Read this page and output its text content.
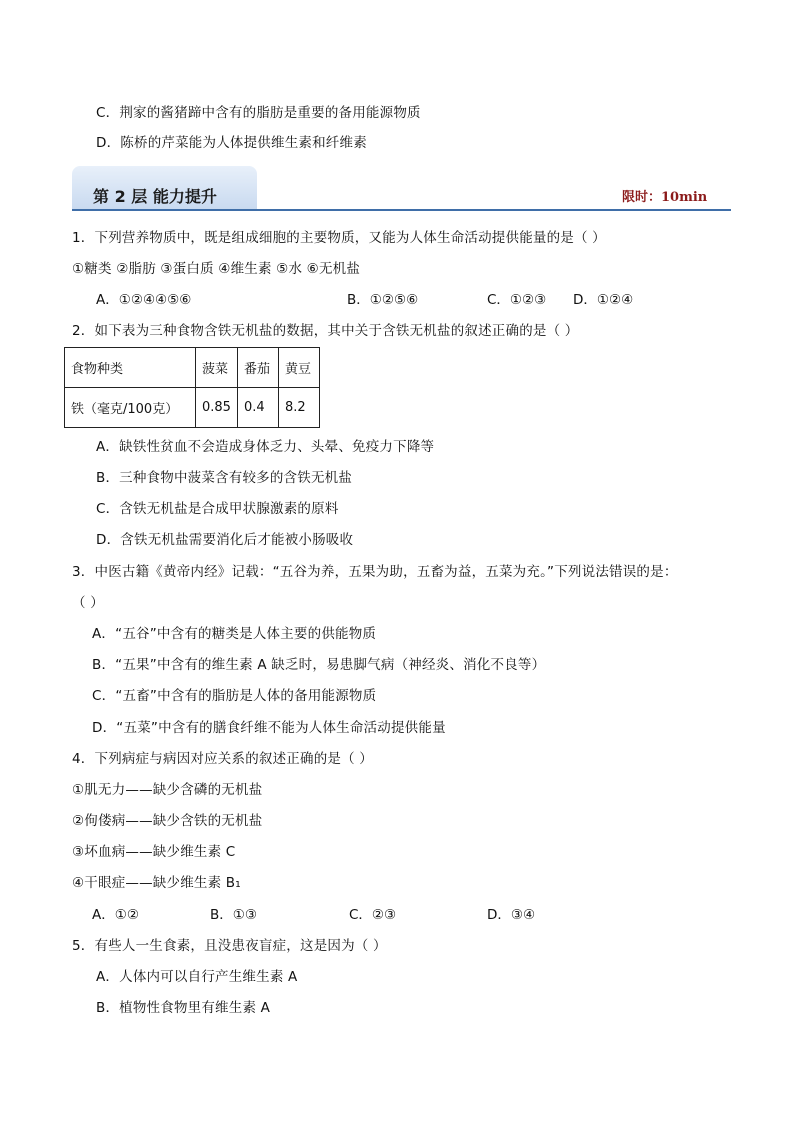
C．荆家的酱猪蹄中含有的脂肪是重要的备用能源物质
D．陈桥的芹菜能为人体提供维生素和纤维素
第 2 层 能力提升	限时：10min
1．下列营养物质中，既是组成细胞的主要物质，又能为人体生命活动提供能量的是（ ）
①糖类 ②脂肪 ③蛋白质 ④维生素 ⑤水 ⑥无机盐
A．①②④④⑤⑥	B．①②⑤⑥	C．①②③ D．①②④
2．如下表为三种食物含铁无机盐的数据，其中关于含铁无机盐的叙述正确的是（ ）
食物种类	菠菜	番茄	黄豆
铁（毫克/100克）	0.85	0.4	8.2
A．缺铁性贫血不会造成身体乏力、头晕、免疫力下降等
B．三种食物中菠菜含有较多的含铁无机盐
C．含铁无机盐是合成甲状腺激素的原料
D．含铁无机盐需要消化后才能被小肠吸收
3．中医古籍《黄帝内经》记载：“五谷为养，五果为助，五畜为益，五菜为充。”下列说法错误的是：
（ ）
A．“五谷”中含有的糖类是人体主要的供能物质
B．“五果”中含有的维生素 A 缺乏时，易患脚气病（神经炎、消化不良等）
C．“五畜”中含有的脂肪是人体的备用能源物质
D．“五菜”中含有的膳食纤维不能为人体生命活动提供能量
4．下列病症与病因对应关系的叙述正确的是（ ）
①肌无力——缺少含磷的无机盐
②佝偻病——缺少含铁的无机盐
③坏血病——缺少维生素 C
④干眼症——缺少维生素 B₁
A．①②	B．①③	C．②③	D．③④
5．有些人一生食素，且没患夜盲症，这是因为（ ）
A．人体内可以自行产生维生素 A
B．植物性食物里有维生素 A
